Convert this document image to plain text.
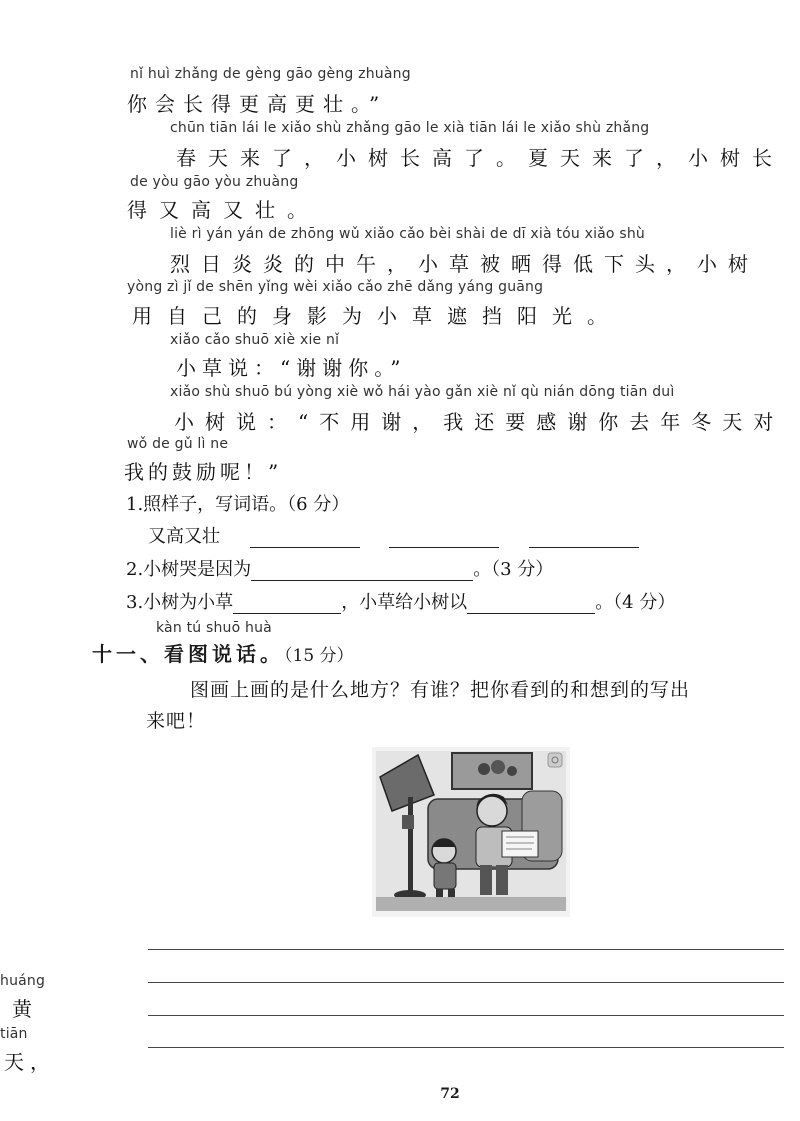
nǐ huì zhǎng de gèng gāo gèng zhuàng
你会长得更高更壮。”
chūn tiān lái le xiǎo shù zhǎng gāo le xià tiān lái le xiǎo shù zhǎng
春天来了，小树长高了。夏天来了，小树长
de yòu gāo yòu zhuàng
得又高又壮。
liè rì yán yán de zhōng wǔ xiǎo cǎo bèi shài de dī xià tóu xiǎo shù
烈日炎炎的中午，小草被晒得低下头，小树
yòng zì jǐ de shēn yǐng wèi xiǎo cǎo zhē dǎng yáng guāng
用自己的身影为小草遮挡阳光。
xiǎo cǎo shuō xiè xie nǐ
小草说：“谢谢你。”
xiǎo shù shuō bú yòng xiè wǒ hái yào gǎn xiè nǐ qù nián dōng tiān duì
小树说：“不用谢，我还要感谢你去年冬天对
wǒ de gǔ lì ne
我的鼓励呢！”
1.照样子，写词语。（6 分）
又高又壮
2.小树哭是因为	。（3 分）
3.小树为小草	，小草给小树以	。（4 分）
kàn tú shuō huà
十一、看图说话。（15 分）
图画上画的是什么地方？有谁？把你看到的和想到的写出
来吧！
huáng
黄
tiān
天，
72
